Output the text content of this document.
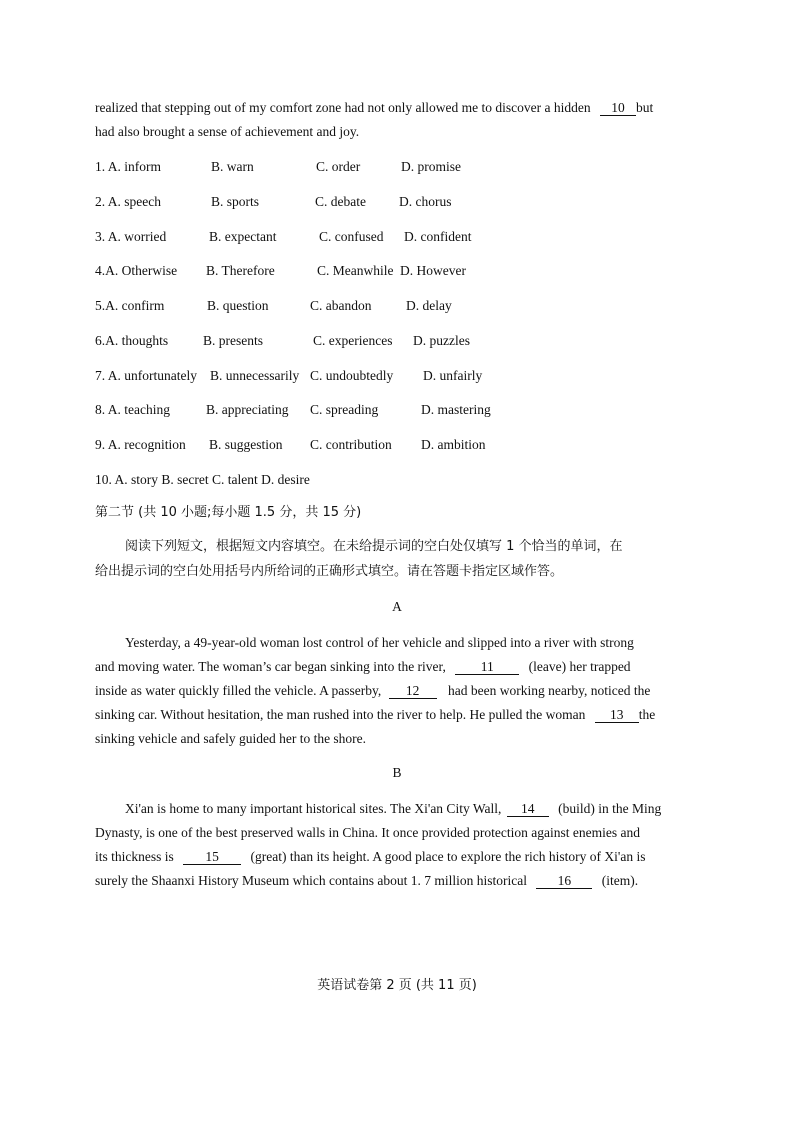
realized that stepping out of my comfort zone had not only allowed me to discover a hidden 10 but
had also brought a sense of achievement and joy.
1. A. inform	B. warn	C. order	D. promise
2. A. speech	B. sports	C. debate D. chorus
3. A. worried	B. expectant	C. confused D. confident
4.A. Otherwise B. Therefore	C. Meanwhile D. However
5.A. confirm	B. question	C. abandon	D. delay
6.A. thoughts	B. presents	C. experiences D. puzzles
7. A. unfortunately B. unnecessarily C. undoubtedly D. unfairly
8. A. teaching	B. appreciating C. spreading	D. mastering
9. A. recognition B. suggestion C. contribution D. ambition
10. A. story B. secret C. talent D. desire
第二节 (共 10 小题;每小题 1.5 分，共 15 分)
阅读下列短文，根据短文内容填空。在未给提示词的空白处仅填写 1 个恰当的单词，在
给出提示词的空白处用括号内所给词的正确形式填空。请在答题卡指定区域作答。
A
Yesterday, a 49-year-old woman lost control of her vehicle and slipped into a river with strong
and moving water. The woman’s car began sinking into the river,	11	(leave) her trapped
inside as water quickly filled the vehicle. A passerby, 12 had been working nearby, noticed the
sinking car. Without hesitation, the man rushed into the river to help. He pulled the woman 13 the
sinking vehicle and safely guided her to the shore.
B
Xi'an is home to many important historical sites. The Xi'an City Wall, 14 (build) in the Ming
Dynasty, is one of the best preserved walls in China. It once provided protection against enemies and
its thickness is 15 (great) than its height. A good place to explore the rich history of Xi'an is
surely the Shaanxi History Museum which contains about 1. 7 million historical 16 (item).
英语试卷第 2 页 (共 11 页)
